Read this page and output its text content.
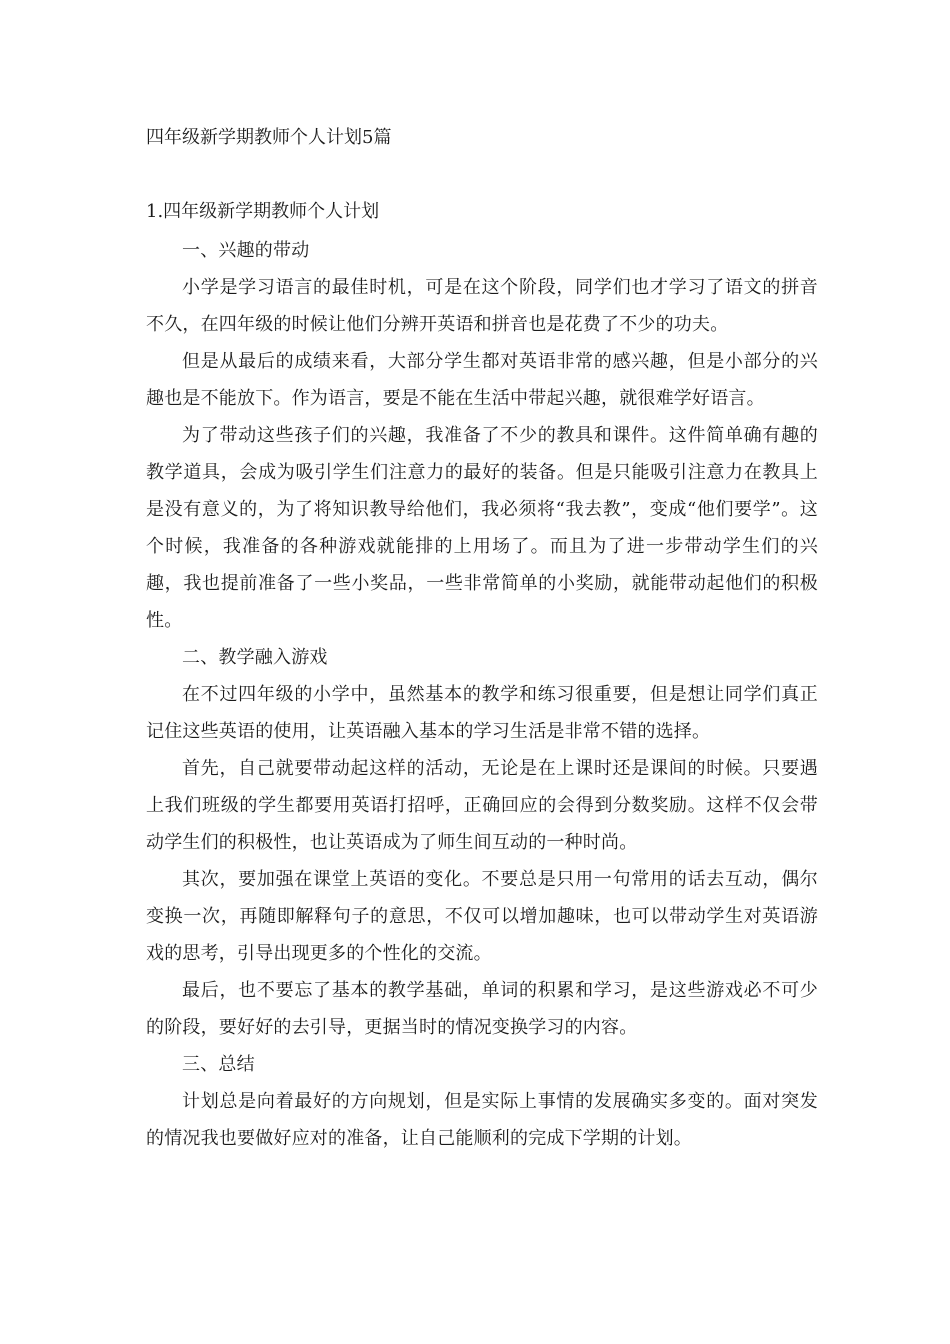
四年级新学期教师个人计划5篇
1.四年级新学期教师个人计划

一、兴趣的带动

小学是学习语言的最佳时机，可是在这个阶段，同学们也才学习了语文的拼音不久，在四年级的时候让他们分辨开英语和拼音也是花费了不少的功夫。

但是从最后的成绩来看，大部分学生都对英语非常的感兴趣，但是小部分的兴趣也是不能放下。作为语言，要是不能在生活中带起兴趣，就很难学好语言。

为了带动这些孩子们的兴趣，我准备了不少的教具和课件。这件简单确有趣的教学道具，会成为吸引学生们注意力的最好的装备。但是只能吸引注意力在教具上是没有意义的，为了将知识教导给他们，我必须将“我去教”，变成“他们要学”。这个时候，我准备的各种游戏就能排的上用场了。而且为了进一步带动学生们的兴趣，我也提前准备了一些小奖品，一些非常简单的小奖励，就能带动起他们的积极性。

二、教学融入游戏

在不过四年级的小学中，虽然基本的教学和练习很重要，但是想让同学们真正记住这些英语的使用，让英语融入基本的学习生活是非常不错的选择。

首先，自己就要带动起这样的活动，无论是在上课时还是课间的时候。只要遇上我们班级的学生都要用英语打招呼，正确回应的会得到分数奖励。这样不仅会带动学生们的积极性，也让英语成为了师生间互动的一种时尚。

其次，要加强在课堂上英语的变化。不要总是只用一句常用的话去互动，偶尔变换一次，再随即解释句子的意思，不仅可以增加趣味，也可以带动学生对英语游戏的思考，引导出现更多的个性化的交流。

最后，也不要忘了基本的教学基础，单词的积累和学习，是这些游戏必不可少的阶段，要好好的去引导，更据当时的情况变换学习的内容。

三、总结

计划总是向着最好的方向规划，但是实际上事情的发展确实多变的。面对突发的情况我也要做好应对的准备，让自己能顺利的完成下学期的计划。
